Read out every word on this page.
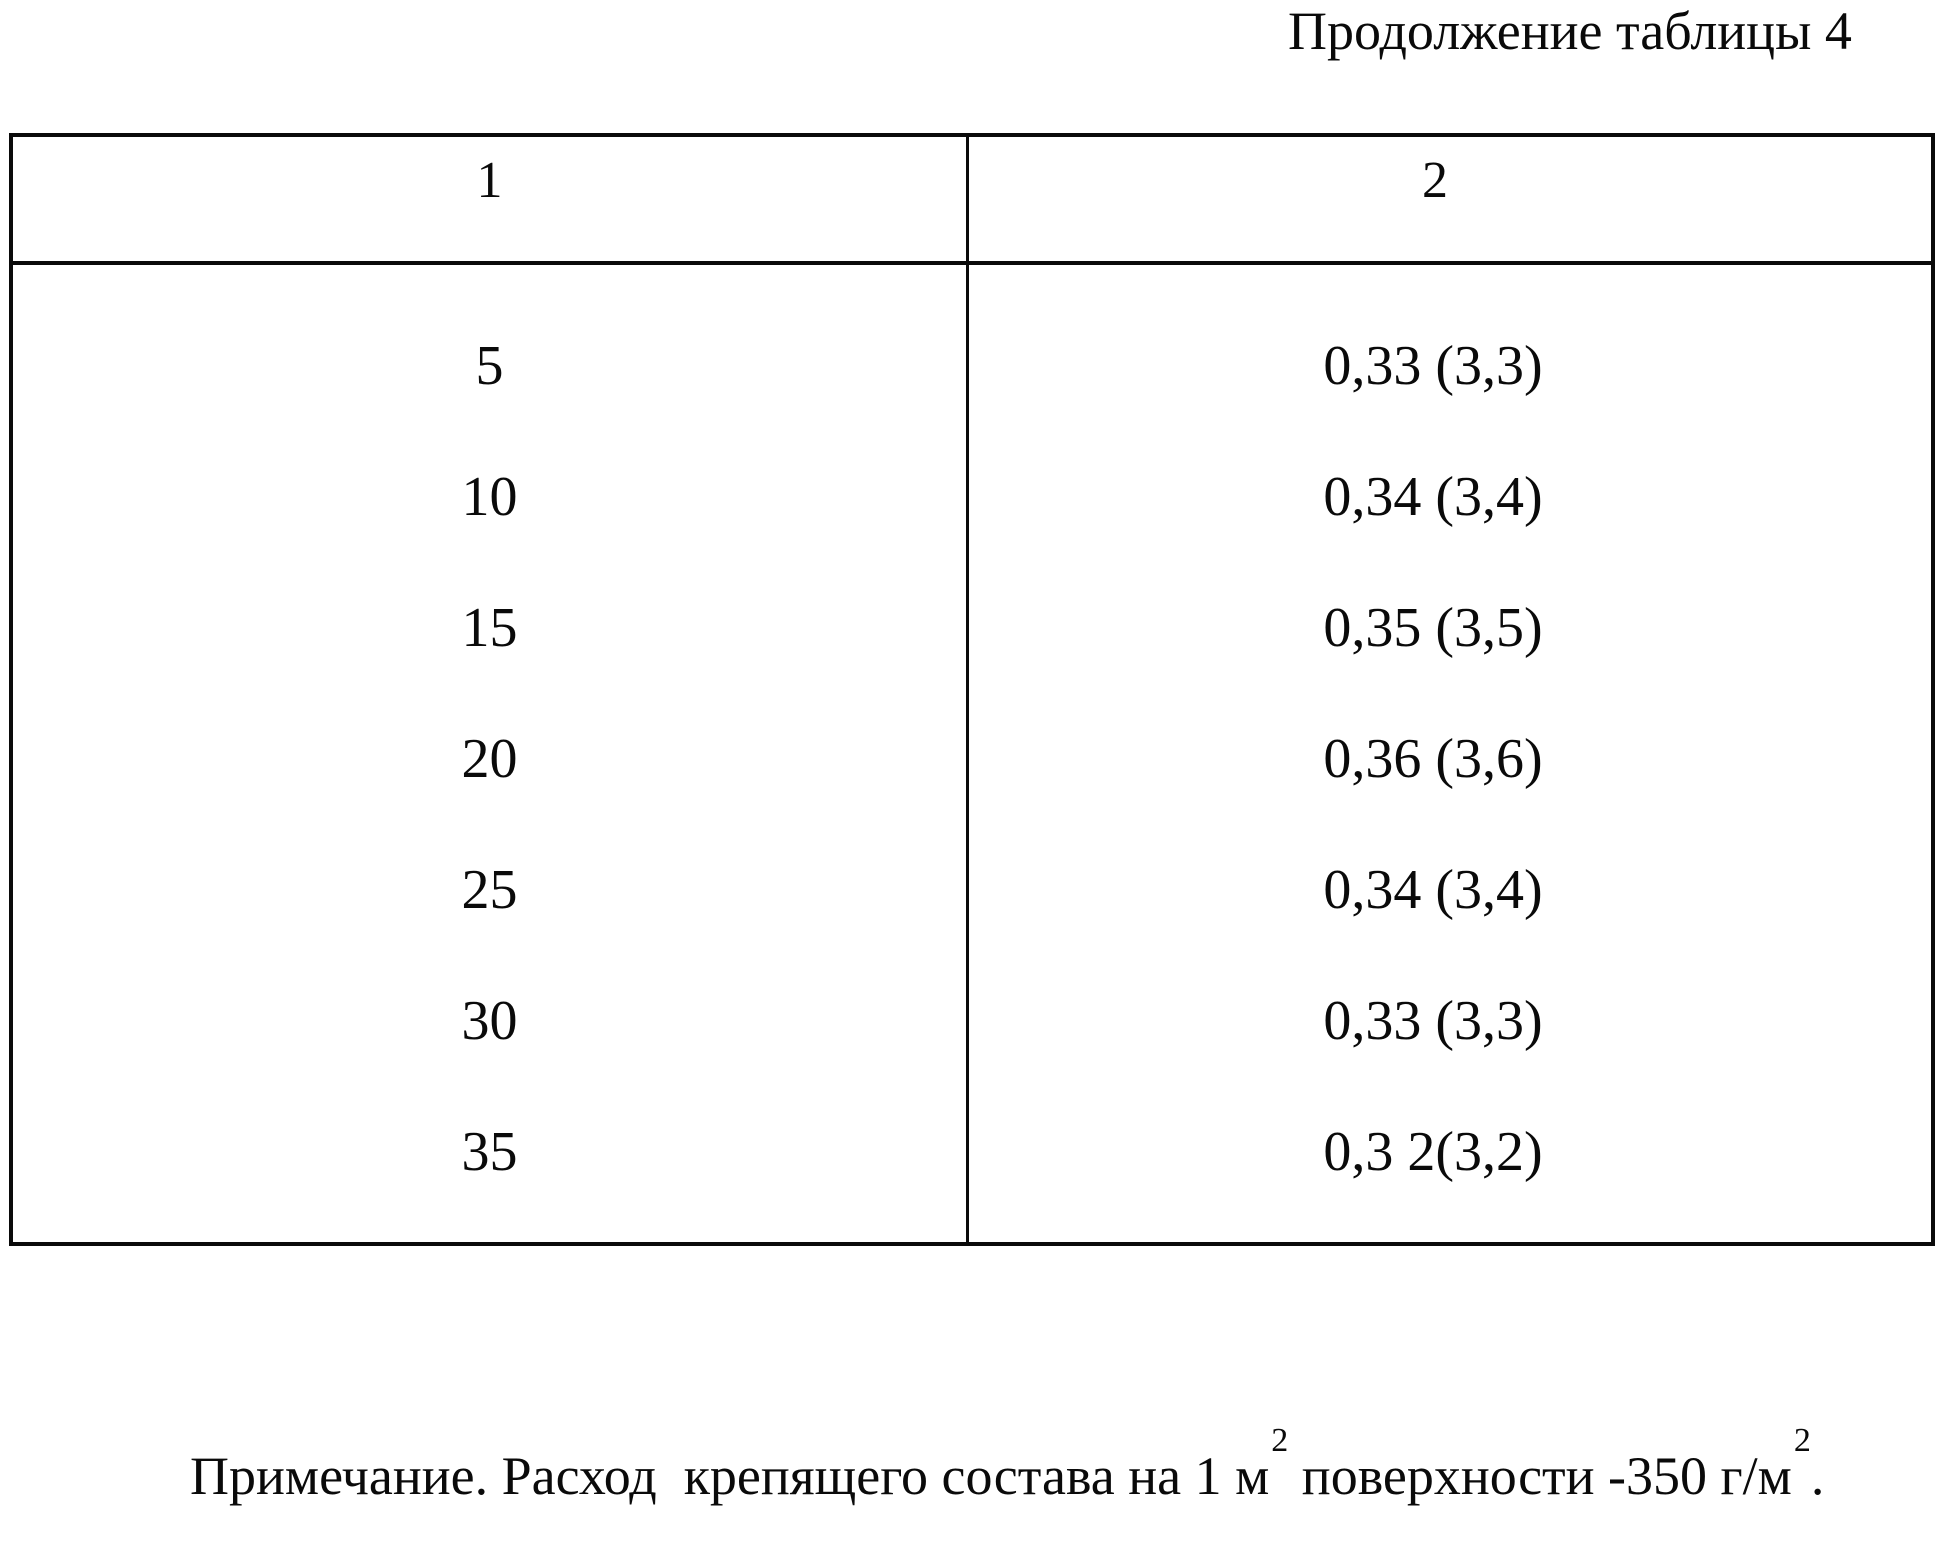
Продолжение таблицы 4
1	2
5
10
15
20
25
30
35
0,33 (3,3)
0,34 (3,4)
0,35 (3,5)
0,36 (3,6)
0,34 (3,4)
0,33 (3,3)
0,3 2(3,2)

Примечание. Расход  крепящего состава на 1 $м^2$ поверхности -350 $г/м^2$.
